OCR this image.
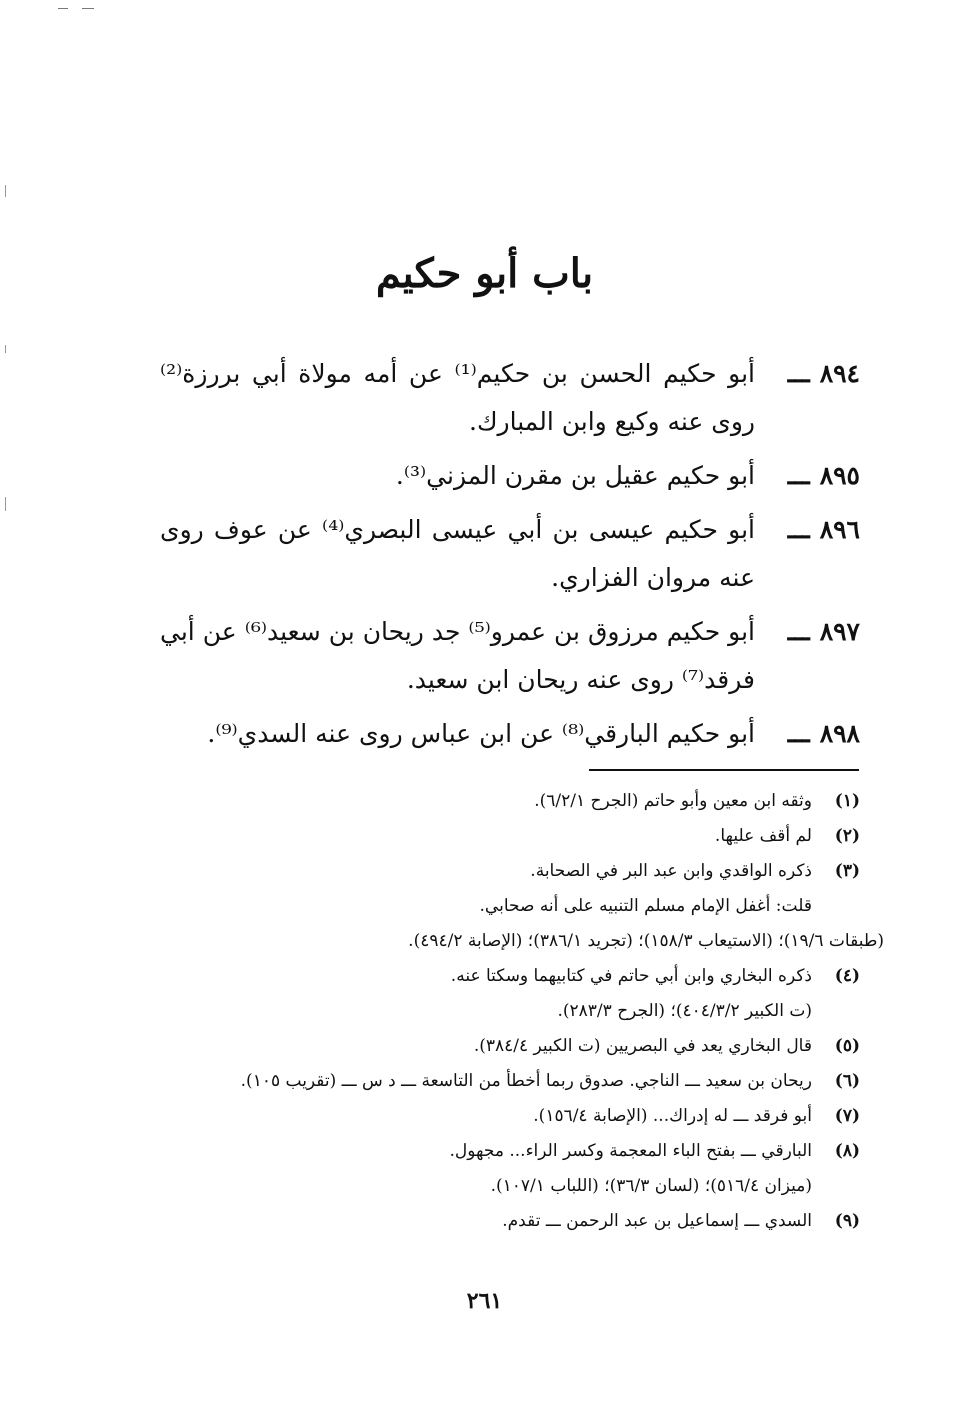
باب أبو حكيم
٨٩٤ـــ
أبو حكيم الحسن بن حكيم⁽¹⁾ عن أمه مولاة أبي بررزة⁽²⁾ روى عنه وكيع وابن المبارك.
٨٩٥ـــ
أبو حكيم عقيل بن مقرن المزني⁽³⁾.
٨٩٦ـــ
أبو حكيم عيسى بن أبي عيسى البصري⁽⁴⁾ عن عوف روى عنه مروان الفزاري.
٨٩٧ـــ
أبو حكيم مرزوق بن عمرو⁽⁵⁾ جد ريحان بن سعيد⁽⁶⁾ عن أبي فرقد⁽⁷⁾ روى عنه ريحان ابن سعيد.
٨٩٨ـــ
أبو حكيم البارقي⁽⁸⁾ عن ابن عباس روى عنه السدي⁽⁹⁾.
(١)
وثقه ابن معين وأبو حاتم (الجرح ٦/٢/١).
(٢)
لم أقف عليها.
(٣)
ذكره الواقدي وابن عبد البر في الصحابة.
قلت: أغفل الإمام مسلم التنبيه على أنه صحابي.
(طبقات ١٩/٦)؛ (الاستيعاب ١٥٨/٣)؛ (تجريد ٣٨٦/١)؛ (الإصابة ٤٩٤/٢).
(٤)
ذكره البخاري وابن أبي حاتم في كتابيهما وسكتا عنه.
(ت الكبير ٤٠٤/٣/٢)؛ (الجرح ٢٨٣/٣).
(٥)
قال البخاري يعد في البصريين (ت الكبير ٣٨٤/٤).
(٦)
ريحان بن سعيد ـــ الناجي. صدوق ربما أخطأ من التاسعة ـــ د س ـــ (تقريب ١٠٥).
(٧)
أبو فرقد ـــ له إدراك... (الإصابة ١٥٦/٤).
(٨)
البارقي ـــ بفتح الباء المعجمة وكسر الراء... مجهول.
(ميزان ٥١٦/٤)؛ (لسان ٣٦/٣)؛ (اللباب ١٠٧/١).
(٩)
السدي ـــ إسماعيل بن عبد الرحمن ـــ تقدم.
٢٦١
